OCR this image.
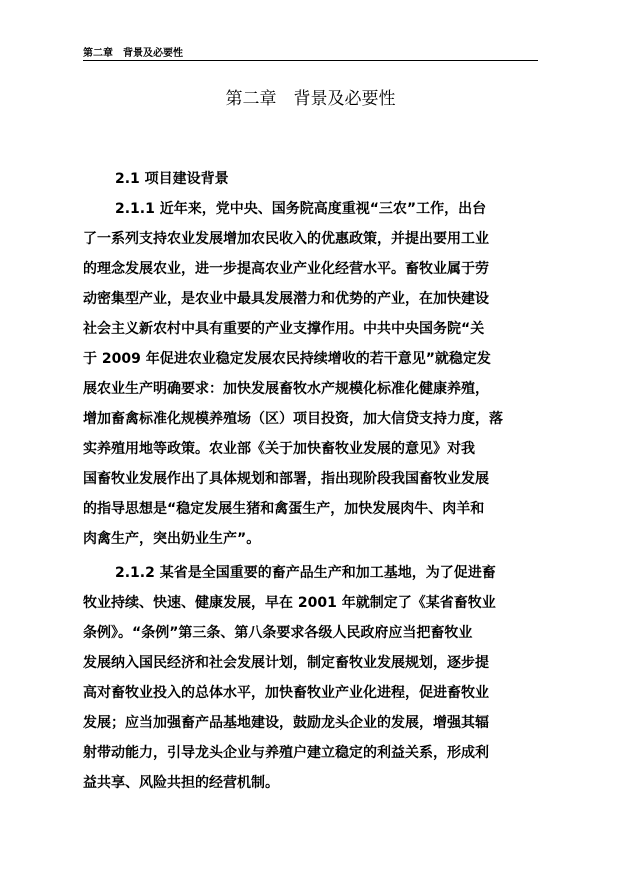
第二章　背景及必要性
第二章　背景及必要性
2.1 项目建设背景
2.1.1 近年来，党中央、国务院高度重视“三农”工作，出台
了一系列支持农业发展增加农民收入的优惠政策，并提出要用工业
的理念发展农业，进一步提高农业产业化经营水平。畜牧业属于劳
动密集型产业，是农业中最具发展潜力和优势的产业，在加快建设
社会主义新农村中具有重要的产业支撑作用。中共中央国务院“关
于 2009 年促进农业稳定发展农民持续增收的若干意见”就稳定发
展农业生产明确要求：加快发展畜牧水产规模化标准化健康养殖，
增加畜禽标准化规模养殖场（区）项目投资，加大信贷支持力度，落
实养殖用地等政策。农业部《关于加快畜牧业发展的意见》对我
国畜牧业发展作出了具体规划和部署，指出现阶段我国畜牧业发展
的指导思想是“稳定发展生猪和禽蛋生产，加快发展肉牛、肉羊和
肉禽生产，突出奶业生产”。
2.1.2 某省是全国重要的畜产品生产和加工基地，为了促进畜
牧业持续、快速、健康发展，早在 2001 年就制定了《某省畜牧业
条例》。“条例”第三条、第八条要求各级人民政府应当把畜牧业
发展纳入国民经济和社会发展计划，制定畜牧业发展规划，逐步提
高对畜牧业投入的总体水平，加快畜牧业产业化进程，促进畜牧业
发展；应当加强畜产品基地建设，鼓励龙头企业的发展，增强其辐
射带动能力，引导龙头企业与养殖户建立稳定的利益关系，形成利
益共享、风险共担的经营机制。
